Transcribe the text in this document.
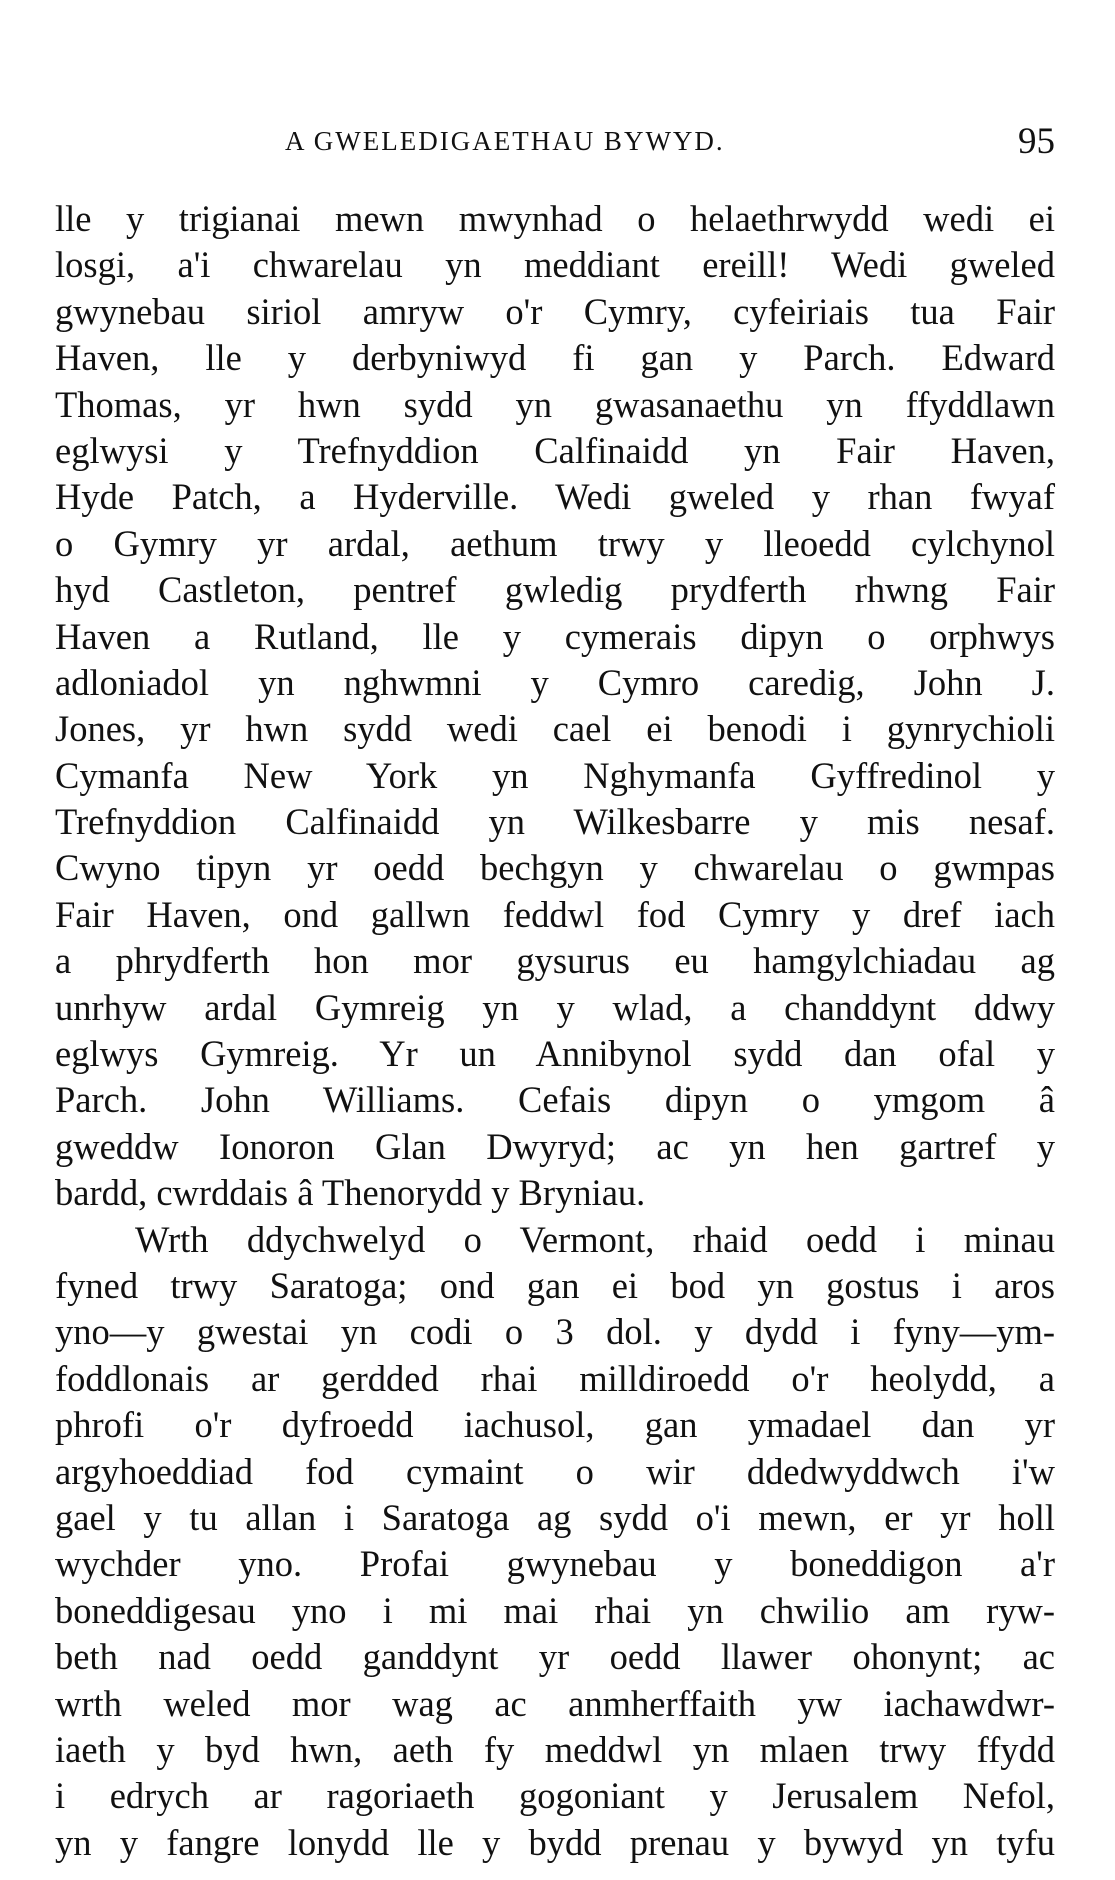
A GWELEDIGAETHAU BYWYD.	95
lle y trigianai mewn mwynhad o helaethrwydd wedi ei
losgi, a'i chwarelau yn meddiant ereill! Wedi gweled
gwynebau siriol amryw o'r Cymry, cyfeiriais tua Fair
Haven, lle y derbyniwyd fi gan y Parch. Edward
Thomas, yr hwn sydd yn gwasanaethu yn ffyddlawn
eglwysi y Trefnyddion Calfinaidd yn Fair Haven,
Hyde Patch, a Hyderville. Wedi gweled y rhan fwyaf
o Gymry yr ardal, aethum trwy y lleoedd cylchynol
hyd Castleton, pentref gwledig prydferth rhwng Fair
Haven a Rutland, lle y cymerais dipyn o orphwys
adloniadol yn nghwmni y Cymro caredig, John J.
Jones, yr hwn sydd wedi cael ei benodi i gynrychioli
Cymanfa New York yn Nghymanfa Gyffredinol y
Trefnyddion Calfinaidd yn Wilkesbarre y mis nesaf.
Cwyno tipyn yr oedd bechgyn y chwarelau o gwmpas
Fair Haven, ond gallwn feddwl fod Cymry y dref iach
a phrydferth hon mor gysurus eu hamgylchiadau ag
unrhyw ardal Gymreig yn y wlad, a chanddynt ddwy
eglwys Gymreig. Yr un Annibynol sydd dan ofal y
Parch. John Williams. Cefais dipyn o ymgom â
gweddw Ionoron Glan Dwyryd; ac yn hen gartref y
bardd, cwrddais â Thenorydd y Bryniau.
Wrth ddychwelyd o Vermont, rhaid oedd i minau
fyned trwy Saratoga; ond gan ei bod yn gostus i aros
yno—y gwestai yn codi o 3 dol. y dydd i fyny—ym-
foddlonais ar gerdded rhai milldiroedd o'r heolydd, a
phrofi o'r dyfroedd iachusol, gan ymadael dan yr
argyhoeddiad fod cymaint o wir ddedwyddwch i'w
gael y tu allan i Saratoga ag sydd o'i mewn, er yr holl
wychder yno. Profai gwynebau y boneddigon a'r
boneddigesau yno i mi mai rhai yn chwilio am ryw-
beth nad oedd ganddynt yr oedd llawer ohonynt; ac
wrth weled mor wag ac anmherffaith yw iachawdwr-
iaeth y byd hwn, aeth fy meddwl yn mlaen trwy ffydd
i edrych ar ragoriaeth gogoniant y Jerusalem Nefol,
yn y fangre lonydd lle y bydd prenau y bywyd yn tyfu
